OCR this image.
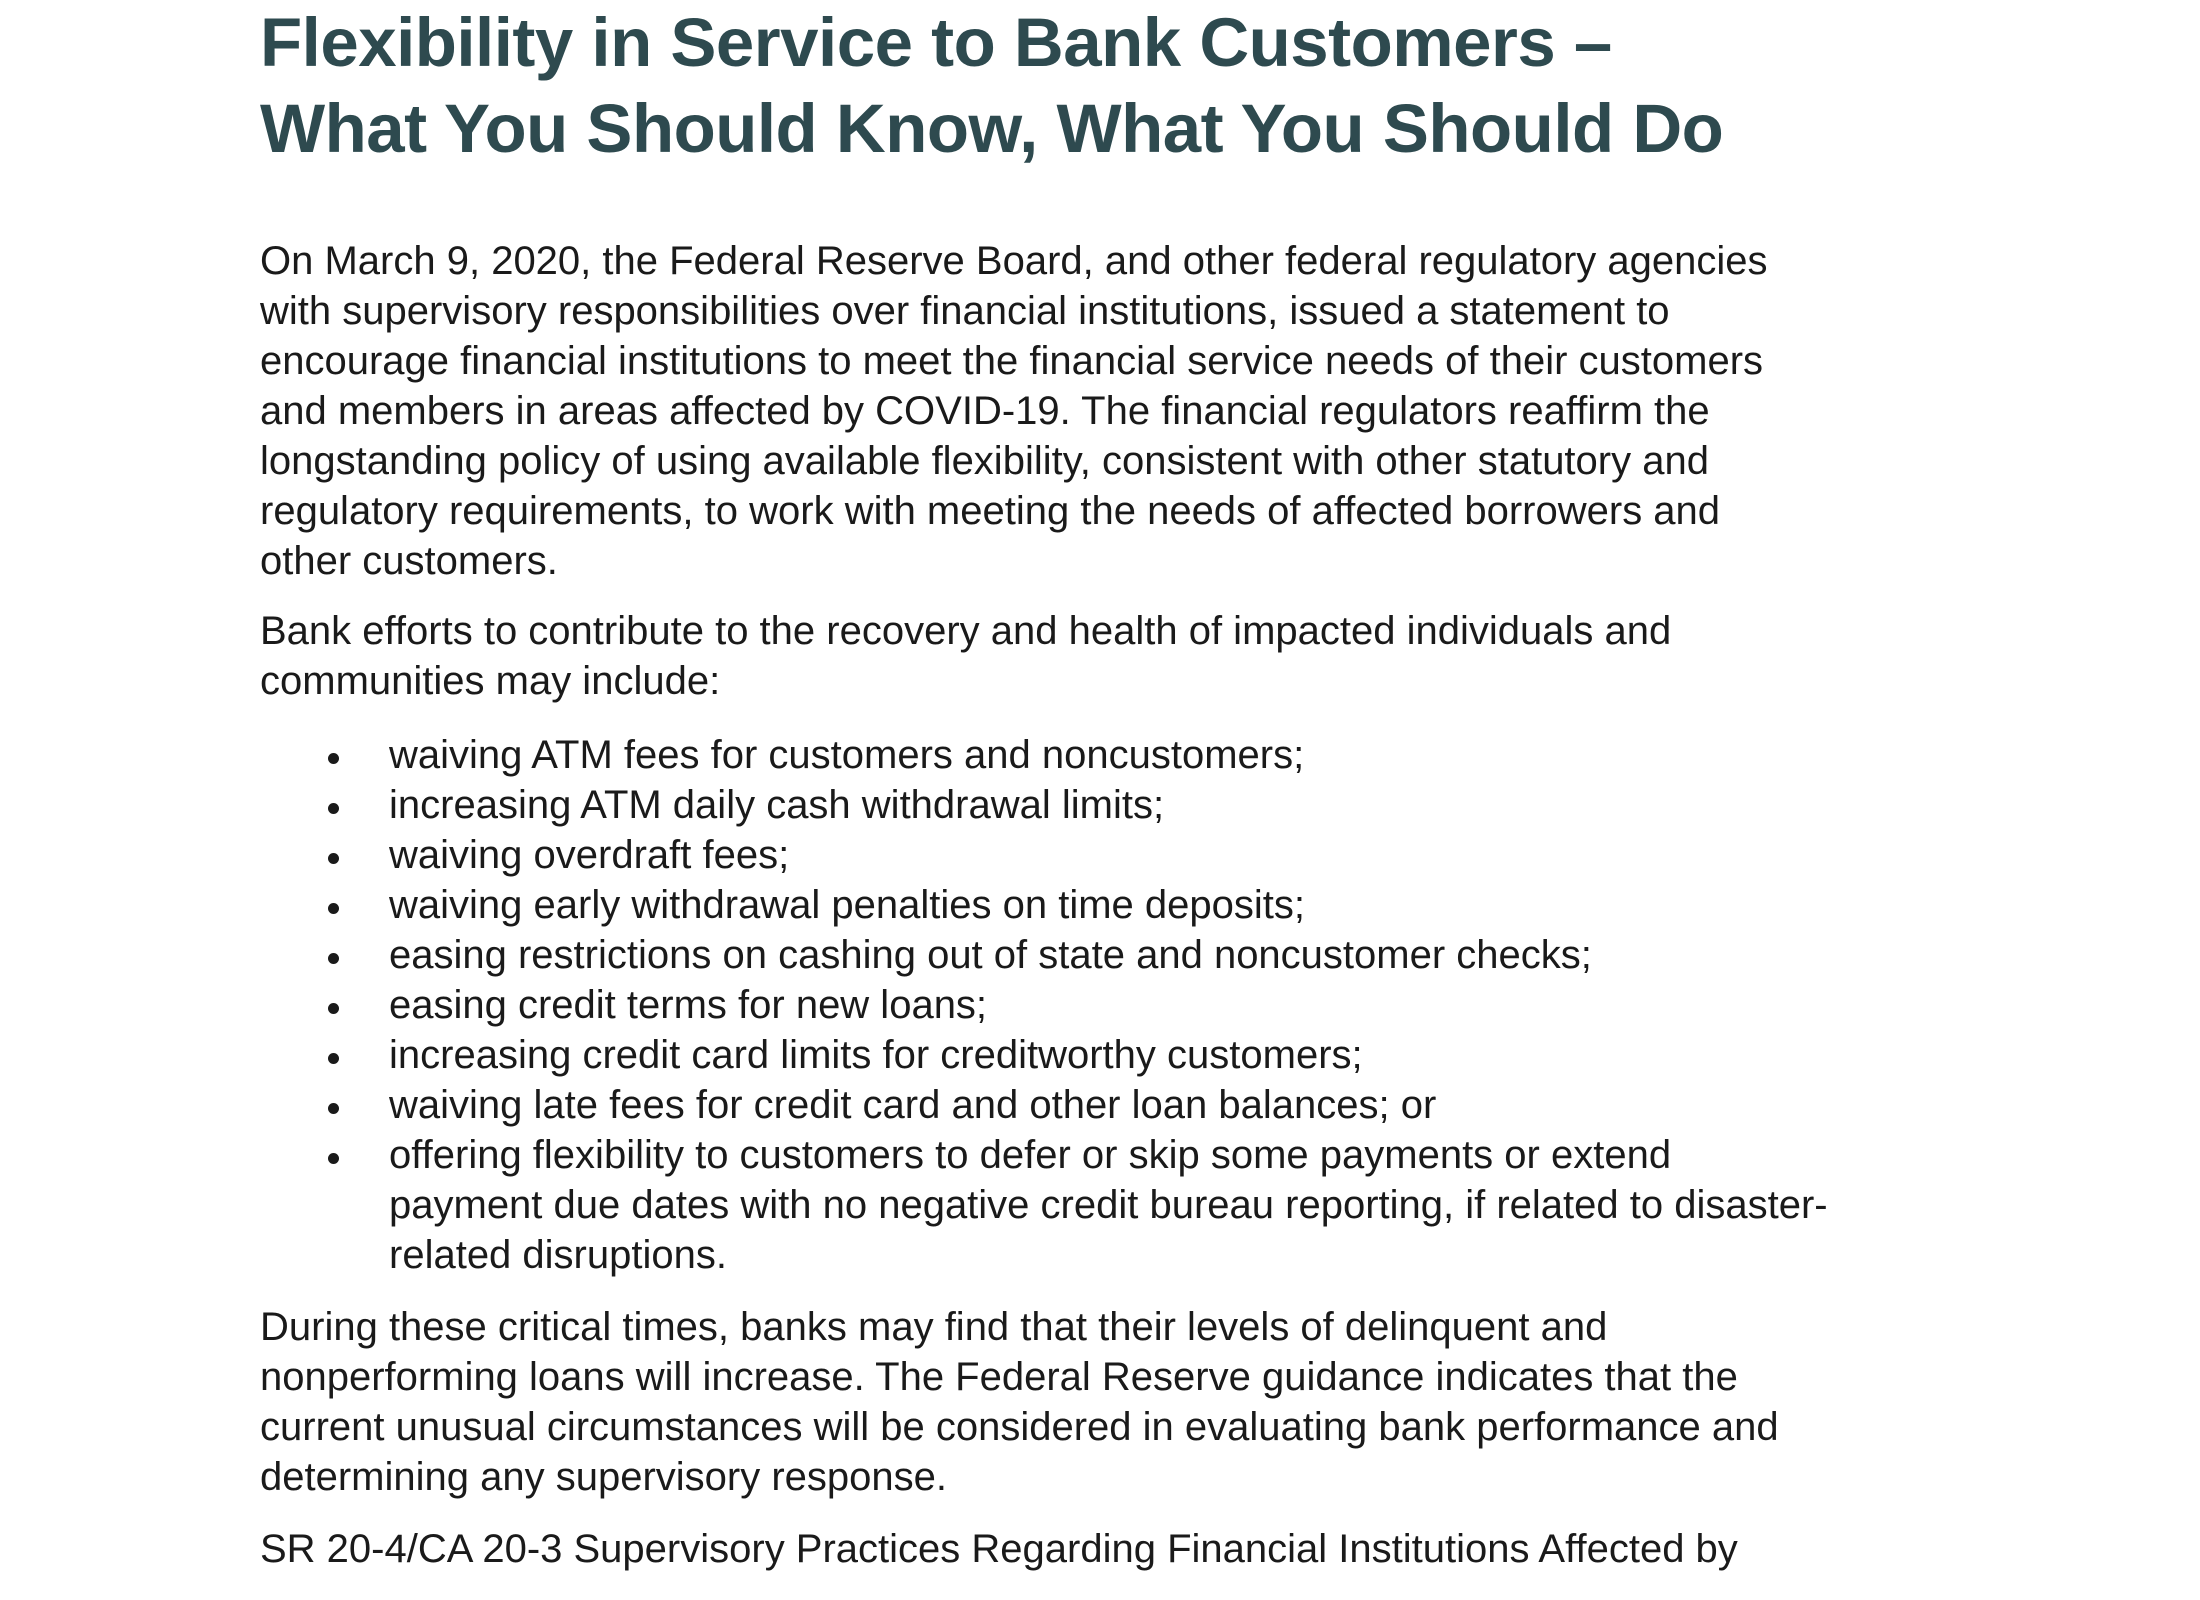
Flexibility in Service to Bank Customers –
What You Should Know, What You Should Do

On March 9, 2020, the Federal Reserve Board, and other federal regulatory agencies
with supervisory responsibilities over financial institutions, issued a statement to
encourage financial institutions to meet the financial service needs of their customers
and members in areas affected by COVID-19. The financial regulators reaffirm the
longstanding policy of using available flexibility, consistent with other statutory and
regulatory requirements, to work with meeting the needs of affected borrowers and
other customers.

Bank efforts to contribute to the recovery and health of impacted individuals and
communities may include:

waiving ATM fees for customers and noncustomers;
increasing ATM daily cash withdrawal limits;
waiving overdraft fees;
waiving early withdrawal penalties on time deposits;
easing restrictions on cashing out of state and noncustomer checks;
easing credit terms for new loans;
increasing credit card limits for creditworthy customers;
waiving late fees for credit card and other loan balances; or
offering flexibility to customers to defer or skip some payments or extend
payment due dates with no negative credit bureau reporting, if related to disaster-
related disruptions.

During these critical times, banks may find that their levels of delinquent and
nonperforming loans will increase. The Federal Reserve guidance indicates that the
current unusual circumstances will be considered in evaluating bank performance and
determining any supervisory response.

SR 20-4/CA 20-3 Supervisory Practices Regarding Financial Institutions Affected by
